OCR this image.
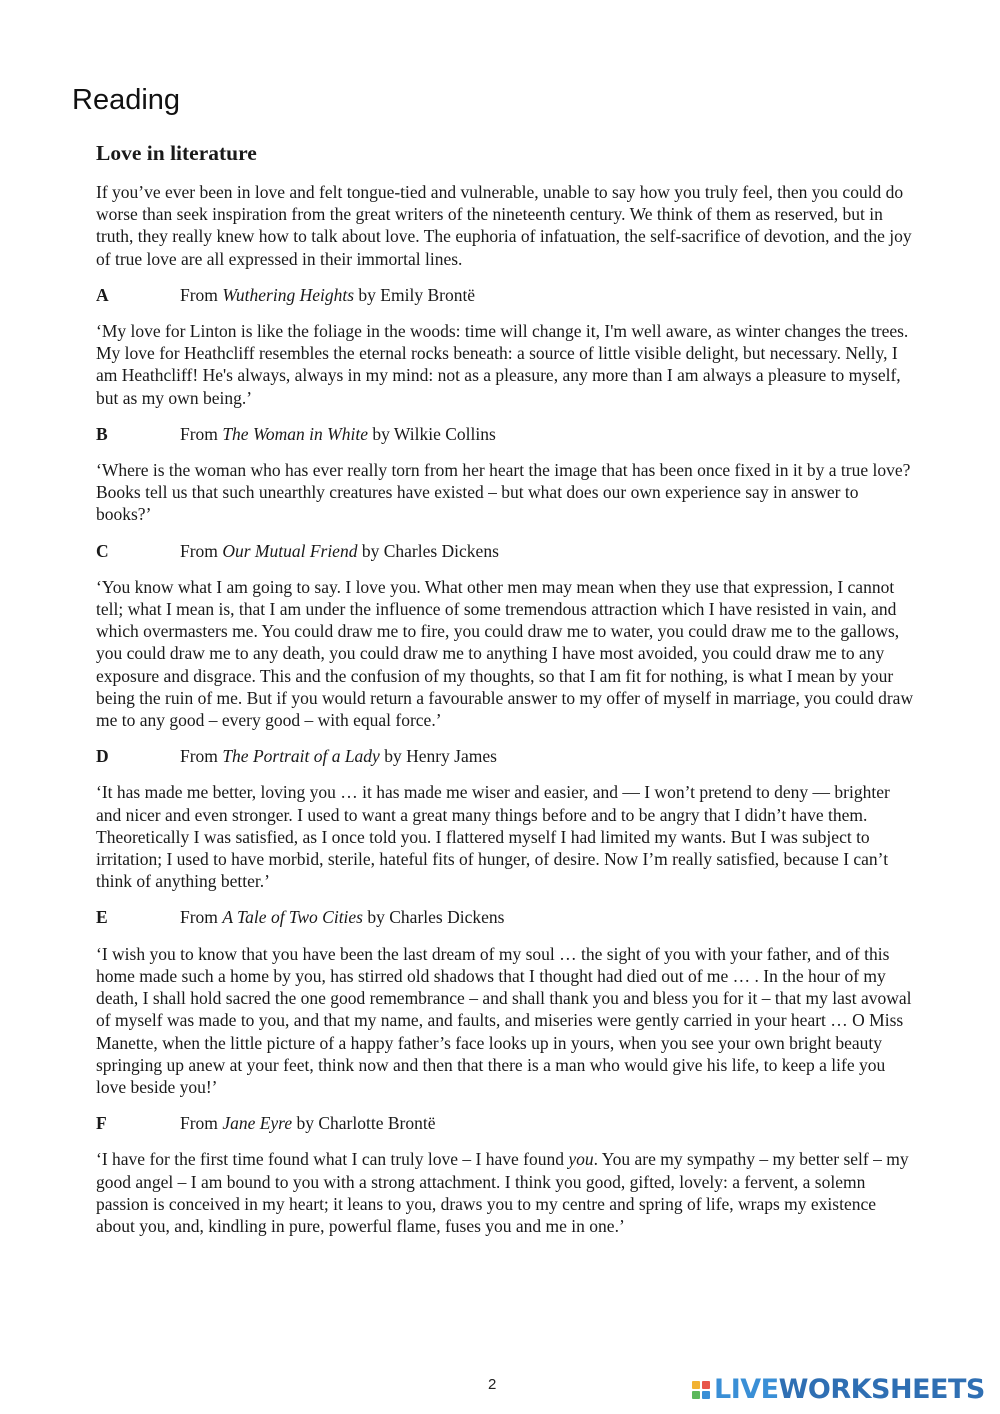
Reading
Love in literature

If you’ve ever been in love and felt tongue-tied and vulnerable, unable to say how you truly feel, then you could do worse than seek inspiration from the great writers of the nineteenth century. We think of them as reserved, but in truth, they really knew how to talk about love. The euphoria of infatuation, the self-sacrifice of devotion, and the joy of true love are all expressed in their immortal lines.

A	From Wuthering Heights by Emily Brontë

‘My love for Linton is like the foliage in the woods: time will change it, I'm well aware, as winter changes the trees. My love for Heathcliff resembles the eternal rocks beneath: a source of little visible delight, but necessary. Nelly, I am Heathcliff! He's always, always in my mind: not as a pleasure, any more than I am always a pleasure to myself, but as my own being.’

B	From The Woman in White by Wilkie Collins

‘Where is the woman who has ever really torn from her heart the image that has been once fixed in it by a true love? Books tell us that such unearthly creatures have existed – but what does our own experience say in answer to books?’

C	From Our Mutual Friend by Charles Dickens

‘You know what I am going to say. I love you. What other men may mean when they use that expression, I cannot tell; what I mean is, that I am under the influence of some tremendous attraction which I have resisted in vain, and which overmasters me. You could draw me to fire, you could draw me to water, you could draw me to the gallows, you could draw me to any death, you could draw me to anything I have most avoided, you could draw me to any exposure and disgrace. This and the confusion of my thoughts, so that I am fit for nothing, is what I mean by your being the ruin of me. But if you would return a favourable answer to my offer of myself in marriage, you could draw me to any good – every good – with equal force.’

D	From The Portrait of a Lady by Henry James

‘It has made me better, loving you … it has made me wiser and easier, and — I won’t pretend to deny — brighter and nicer and even stronger. I used to want a great many things before and to be angry that I didn’t have them. Theoretically I was satisfied, as I once told you. I flattered myself I had limited my wants. But I was subject to irritation; I used to have morbid, sterile, hateful fits of hunger, of desire. Now I’m really satisfied, because I can’t think of anything better.’

E	From A Tale of Two Cities by Charles Dickens

‘I wish you to know that you have been the last dream of my soul … the sight of you with your father, and of this home made such a home by you, has stirred old shadows that I thought had died out of me … . In the hour of my death, I shall hold sacred the one good remembrance – and shall thank you and bless you for it – that my last avowal of myself was made to you, and that my name, and faults, and miseries were gently carried in your heart … O Miss Manette, when the little picture of a happy father’s face looks up in yours, when you see your own bright beauty springing up anew at your feet, think now and then that there is a man who would give his life, to keep a life you love beside you!’

F	From Jane Eyre by Charlotte Brontë

‘I have for the first time found what I can truly love – I have found you. You are my sympathy – my better self – my good angel – I am bound to you with a strong attachment. I think you good, gifted, lovely: a fervent, a solemn passion is conceived in my heart; it leans to you, draws you to my centre and spring of life, wraps my existence about you, and, kindling in pure, powerful flame, fuses you and me in one.’

2	LIVEWORKSHEETS
